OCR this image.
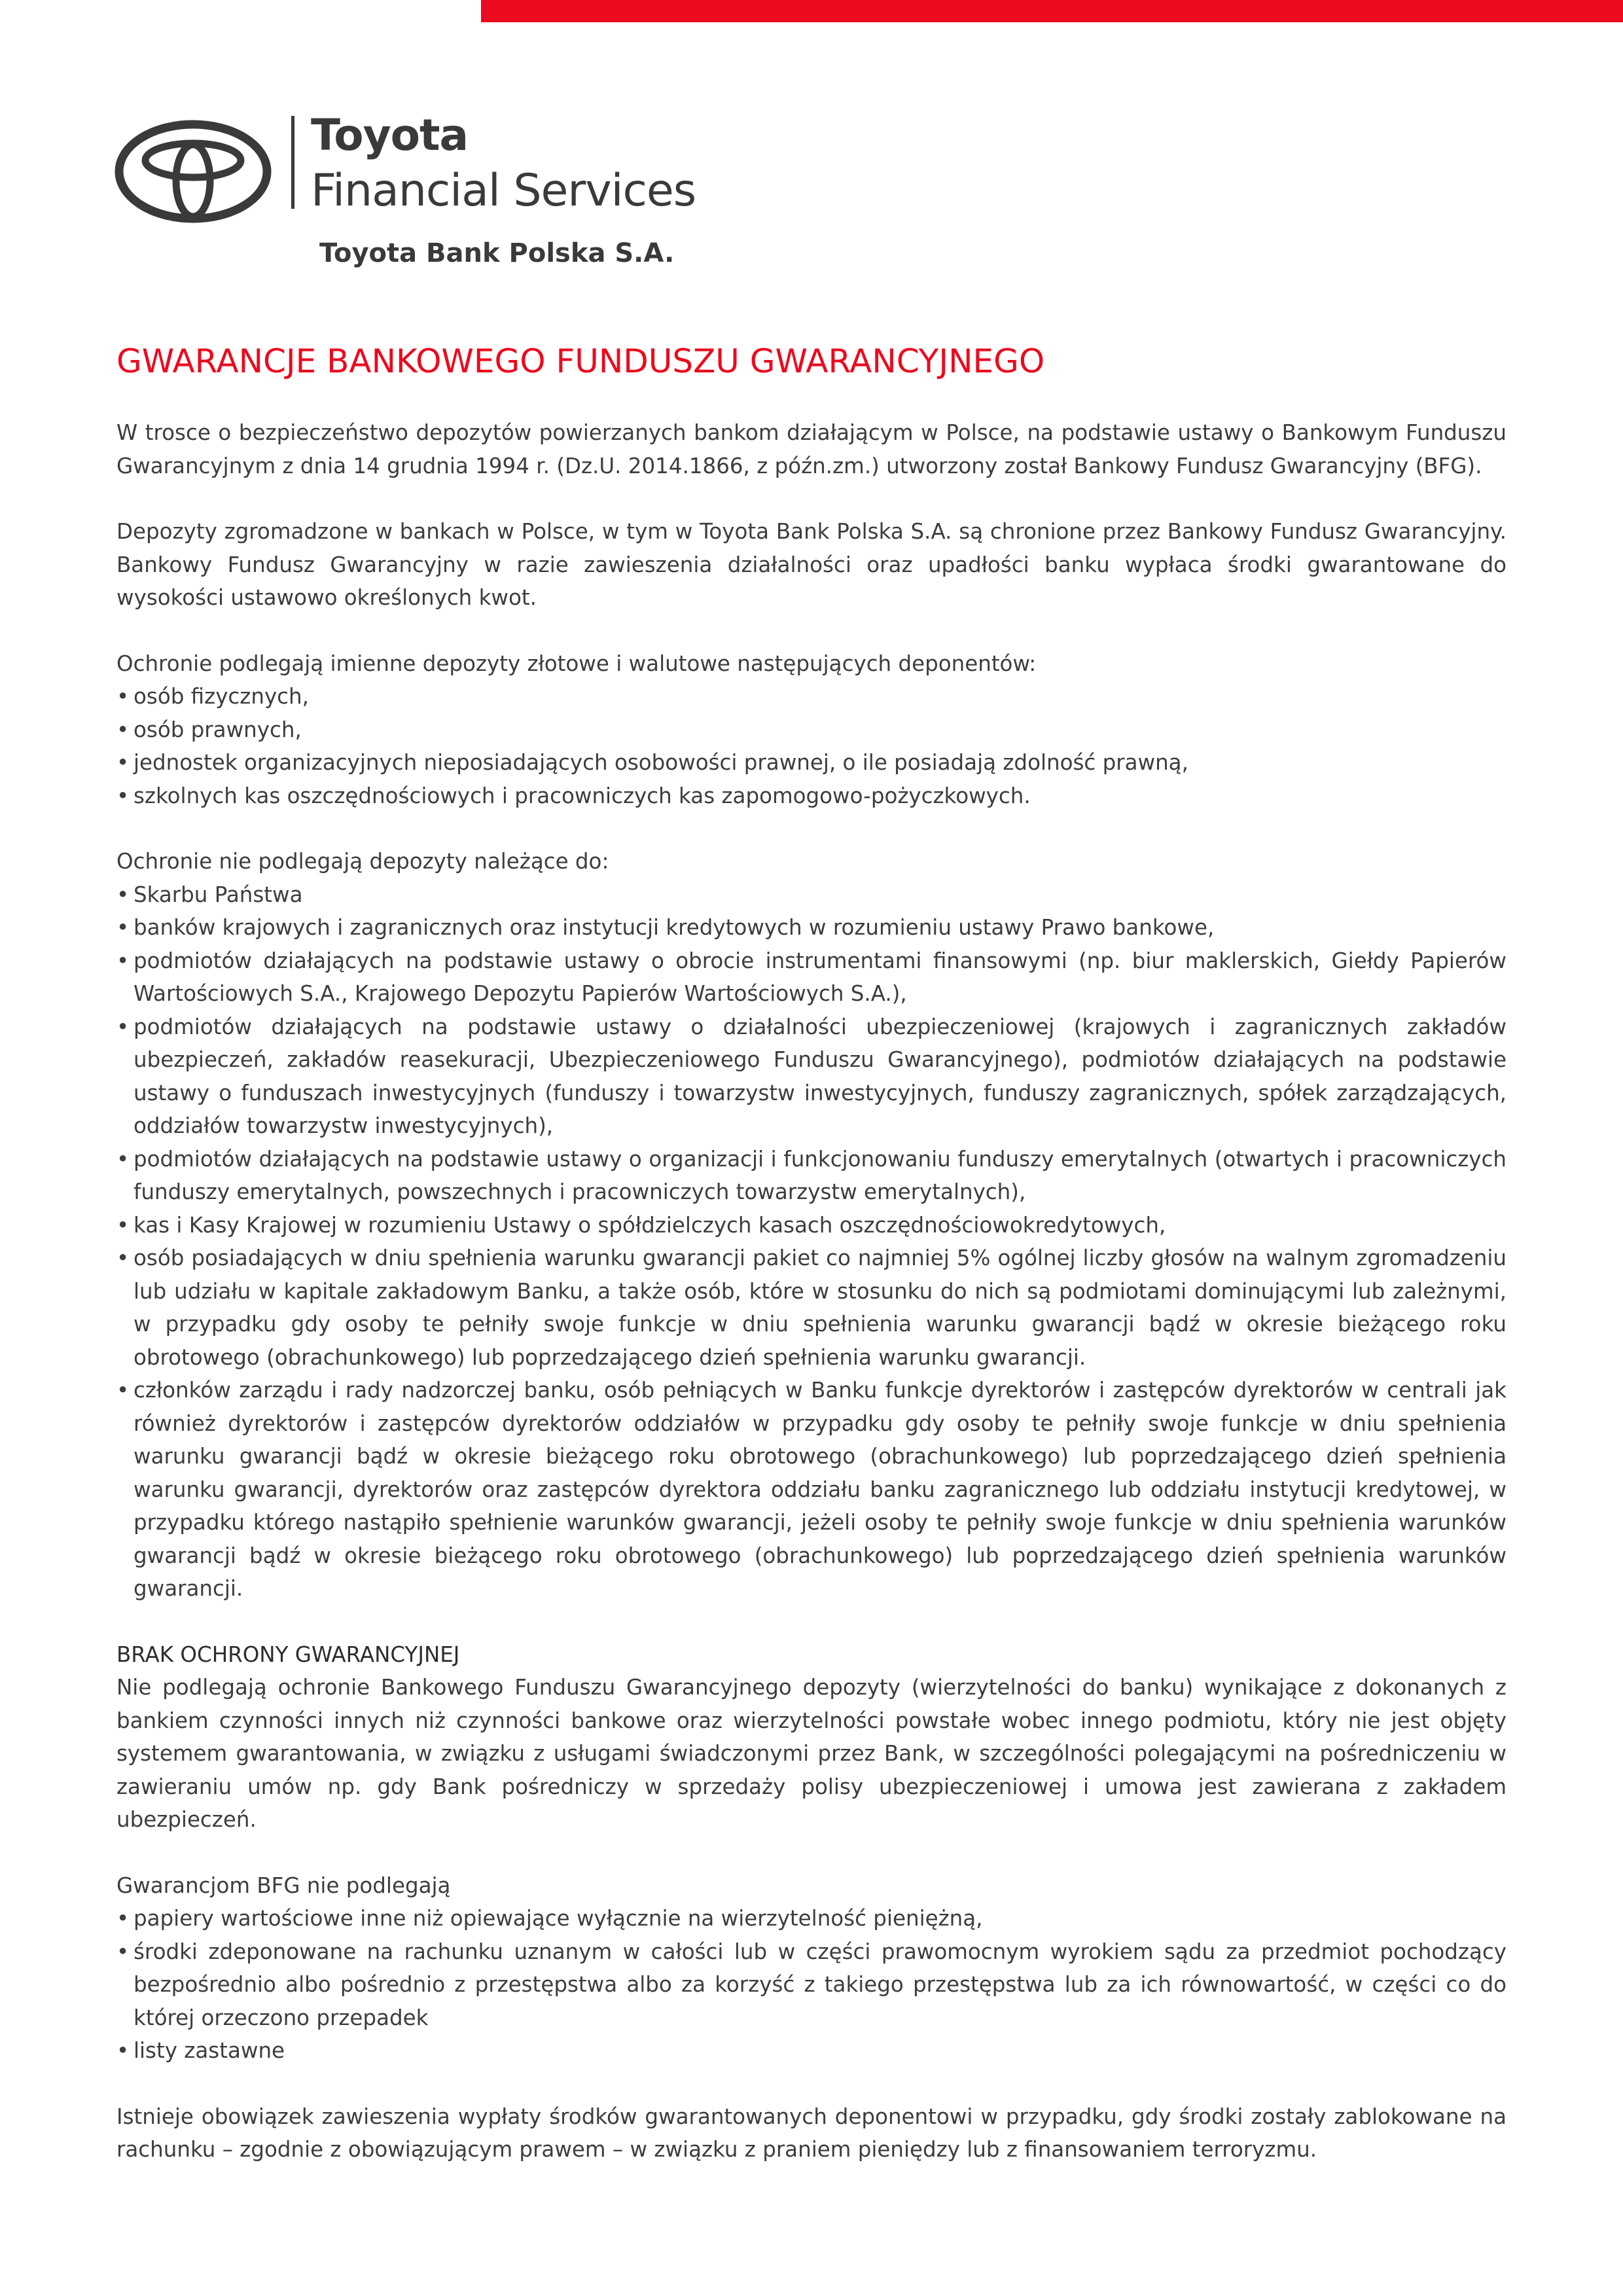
Toyota
Financial Services
Toyota Bank Polska S.A.
GWARANCJE BANKOWEGO FUNDUSZU GWARANCYJNEGO

W trosce o bezpieczeństwo depozytów powierzanych bankom działającym w Polsce, na podstawie ustawy o Bankowym Funduszu Gwarancyjnym z dnia 14 grudnia 1994 r. (Dz.U. 2014.1866, z późn.zm.) utworzony został Bankowy Fundusz Gwarancyjny (BFG).

Depozyty zgromadzone w bankach w Polsce, w tym w Toyota Bank Polska S.A. są chronione przez Bankowy Fundusz Gwarancyjny. Bankowy Fundusz Gwarancyjny w razie zawieszenia działalności oraz upadłości banku wypłaca środki gwarantowane do wysokości ustawowo określonych kwot.

Ochronie podlegają imienne depozyty złotowe i walutowe następujących deponentów:

• osób fizycznych,
• osób prawnych,
• jednostek organizacyjnych nieposiadających osobowości prawnej, o ile posiadają zdolność prawną,
• szkolnych kas oszczędnościowych i pracowniczych kas zapomogowo-pożyczkowych.

Ochronie nie podlegają depozyty należące do:

• Skarbu Państwa
• banków krajowych i zagranicznych oraz instytucji kredytowych w rozumieniu ustawy Prawo bankowe,
• podmiotów działających na podstawie ustawy o obrocie instrumentami finansowymi (np. biur maklerskich, Giełdy Papierów Wartościowych S.A., Krajowego Depozytu Papierów Wartościowych S.A.),
• podmiotów działających na podstawie ustawy o działalności ubezpieczeniowej (krajowych i zagranicznych zakładów ubezpieczeń, zakładów reasekuracji, Ubezpieczeniowego Funduszu Gwarancyjnego), podmiotów działających na podstawie ustawy o funduszach inwestycyjnych (funduszy i towarzystw inwestycyjnych, funduszy zagranicznych, spółek zarządzających, oddziałów towarzystw inwestycyjnych),
• podmiotów działających na podstawie ustawy o organizacji i funkcjonowaniu funduszy emerytalnych (otwartych i pracowniczych funduszy emerytalnych, powszechnych i pracowniczych towarzystw emerytalnych),
• kas i Kasy Krajowej w rozumieniu Ustawy o spółdzielczych kasach oszczędnościowokredytowych,
• osób posiadających w dniu spełnienia warunku gwarancji pakiet co najmniej 5% ogólnej liczby głosów na walnym zgromadzeniu lub udziału w kapitale zakładowym Banku, a także osób, które w stosunku do nich są podmiotami dominującymi lub zależnymi, w przypadku gdy osoby te pełniły swoje funkcje w dniu spełnienia warunku gwarancji bądź w okresie bieżącego roku obrotowego (obrachunkowego) lub poprzedzającego dzień spełnienia warunku gwarancji.
• członków zarządu i rady nadzorczej banku, osób pełniących w Banku funkcje dyrektorów i zastępców dyrektorów w centrali jak również dyrektorów i zastępców dyrektorów oddziałów w przypadku gdy osoby te pełniły swoje funkcje w dniu spełnienia warunku gwarancji bądź w okresie bieżącego roku obrotowego (obrachunkowego) lub poprzedzającego dzień spełnienia warunku gwarancji, dyrektorów oraz zastępców dyrektora oddziału banku zagranicznego lub oddziału instytucji kredytowej, w przypadku którego nastąpiło spełnienie warunków gwarancji, jeżeli osoby te pełniły swoje funkcje w dniu spełnienia warunków gwarancji bądź w okresie bieżącego roku obrotowego (obrachunkowego) lub poprzedzającego dzień spełnienia warunków gwarancji.
BRAK OCHRONY GWARANCYJNEJ

Nie podlegają ochronie Bankowego Funduszu Gwarancyjnego depozyty (wierzytelności do banku) wynikające z dokonanych z bankiem czynności innych niż czynności bankowe oraz wierzytelności powstałe wobec innego podmiotu, który nie jest objęty systemem gwarantowania, w związku z usługami świadczonymi przez Bank, w szczególności polegającymi na pośredniczeniu w zawieraniu umów np. gdy Bank pośredniczy w sprzedaży polisy ubezpieczeniowej i umowa jest zawierana z zakładem ubezpieczeń.

Gwarancjom BFG nie podlegają

• papiery wartościowe inne niż opiewające wyłącznie na wierzytelność pieniężną,
• środki zdeponowane na rachunku uznanym w całości lub w części prawomocnym wyrokiem sądu za przedmiot pochodzący bezpośrednio albo pośrednio z przestępstwa albo za korzyść z takiego przestępstwa lub za ich równowartość, w części co do której orzeczono przepadek
• listy zastawne

Istnieje obowiązek zawieszenia wypłaty środków gwarantowanych deponentowi w przypadku, gdy środki zostały zablokowane na rachunku – zgodnie z obowiązującym prawem – w związku z praniem pieniędzy lub z finansowaniem terroryzmu.
